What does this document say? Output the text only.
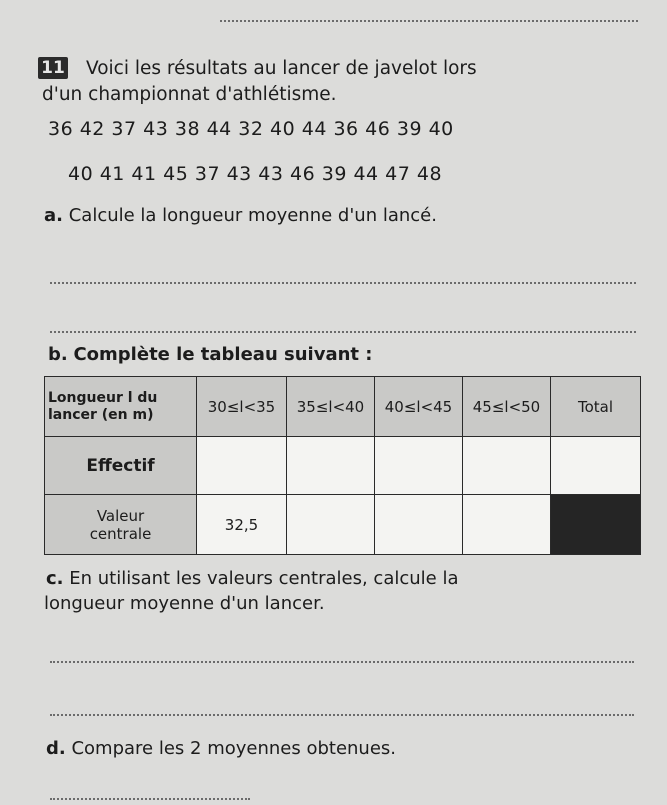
11 Voici les résultats au lancer de javelot lors
d'un championnat d'athlétisme.
36 42 37 43 38 44 32 40 44 36 46 39 40
40 41 41 45 37 43 43 46 39 44 47 48
a. Calcule la longueur moyenne d'un lancé.
b. Complète le tableau suivant :
Longueur l du
lancer (en m)	30≤l<35	35≤l<40	40≤l<45	45≤l<50	Total
Effectif					

Valeur
centrale	32,5				
c. En utilisant les valeurs centrales, calcule la
longueur moyenne d'un lancer.
d. Compare les 2 moyennes obtenues.
